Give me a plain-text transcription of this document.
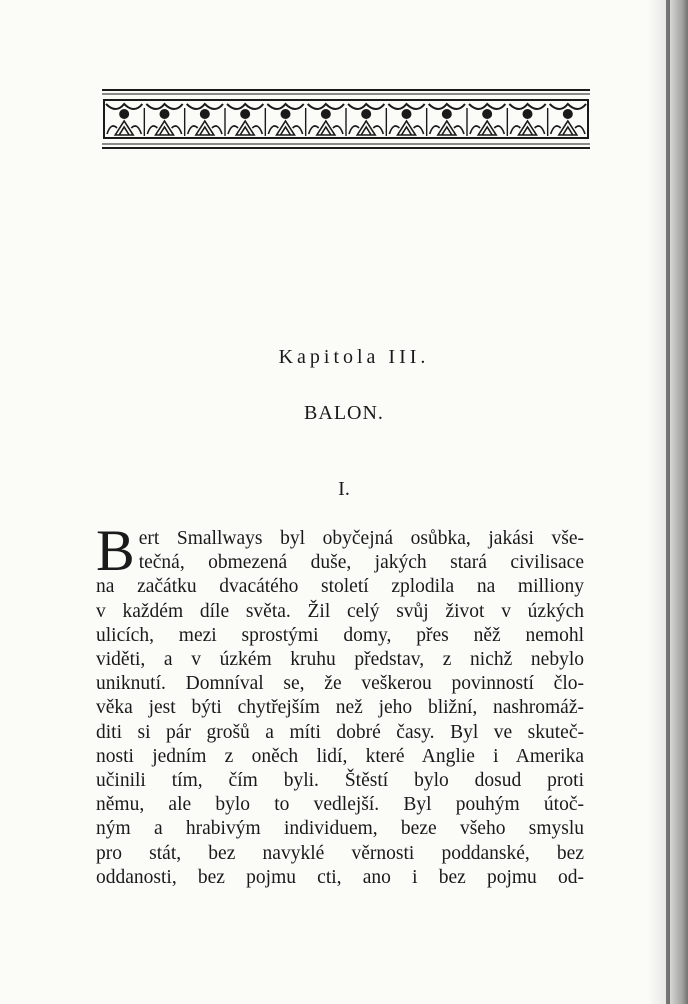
Kapitola III.
BALON.
I.
B ert Smallways byl obyčejná osůbka, jakási vše-
tečná, obmezená duše, jakých stará civilisace
na začátku dvacátého století zplodila na milliony
v každém díle světa. Žil celý svůj život v úzkých
ulicích, mezi sprostými domy, přes něž nemohl
viděti, a v úzkém kruhu představ, z nichž nebylo
uniknutí. Domníval se, že veškerou povinností člo-
věka jest býti chytřejším než jeho bližní, nashromáž-
diti si pár grošů a míti dobré časy. Byl ve skuteč-
nosti jedním z oněch lidí, které Anglie i Amerika
učinili tím, čím byli. Štěstí bylo dosud proti
němu, ale bylo to vedlejší. Byl pouhým útoč-
ným a hrabivým individuem, beze všeho smyslu
pro stát, bez navyklé věrnosti poddanské, bez
oddanosti, bez pojmu cti, ano i bez pojmu od-
